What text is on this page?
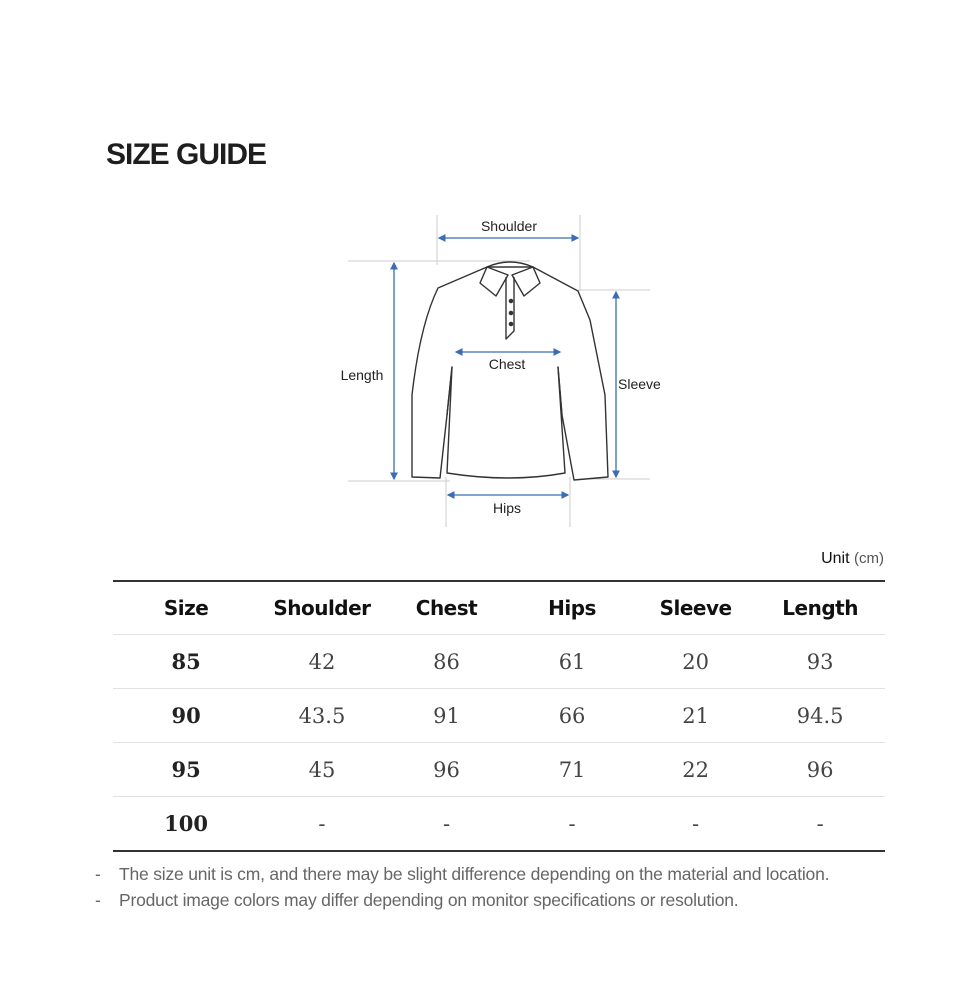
SIZE GUIDE
Shoulder
Chest
Length
Sleeve
Hips
Unit (cm)
Size	Shoulder	Chest	Hips	Sleeve	Length
85	42	86	61	20	93
90	43.5	91	66	21	94.5
95	45	96	71	22	96
100	-	-	-	-	-
- The size unit is cm, and there may be slight difference depending on the material and location.
- Product image colors may differ depending on monitor specifications or resolution.
